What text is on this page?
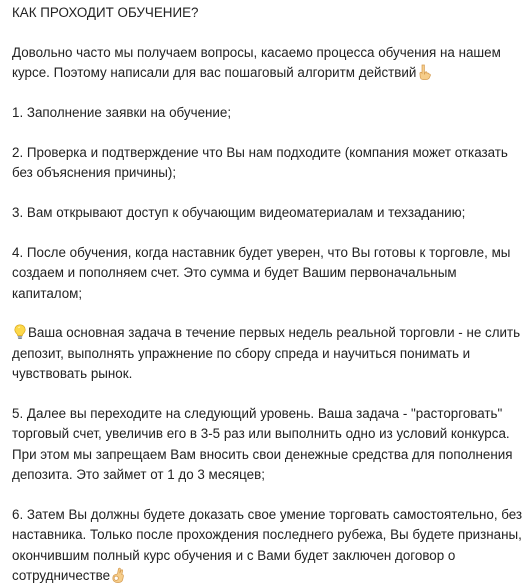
КАК ПРОХОДИТ ОБУЧЕНИЕ?

Довольно часто мы получаем вопросы, касаемо процесса обучения на нашем курсе. Поэтому написали для вас пошаговый алгоритм действий

1. Заполнение заявки на обучение;

2. Проверка и подтверждение что Вы нам подходите (компания может отказать без объяснения причины);

3. Вам открывают доступ к обучающим видеоматериалам и техзаданию;

4. После обучения, когда наставник будет уверен, что Вы готовы к торговле, мы создаем и пополняем счет. Это сумма и будет Вашим первоначальным капиталом;

Ваша основная задача в течение первых недель реальной торговли - не слить депозит, выполнять упражнение по сбору спреда и научиться понимать и чувствовать рынок.

5. Далее вы переходите на следующий уровень. Ваша задача - "расторговать" торговый счет, увеличив его в 3-5 раз или выполнить одно из условий конкурса. При этом мы запрещаем Вам вносить свои денежные средства для пополнения депозита. Это займет от 1 до 3 месяцев;

6. Затем Вы должны будете доказать свое умение торговать самостоятельно, без наставника. Только после прохождения последнего рубежа, Вы будете признаны, окончившим полный курс обучения и с Вами будет заключен договор о сотрудничестве
